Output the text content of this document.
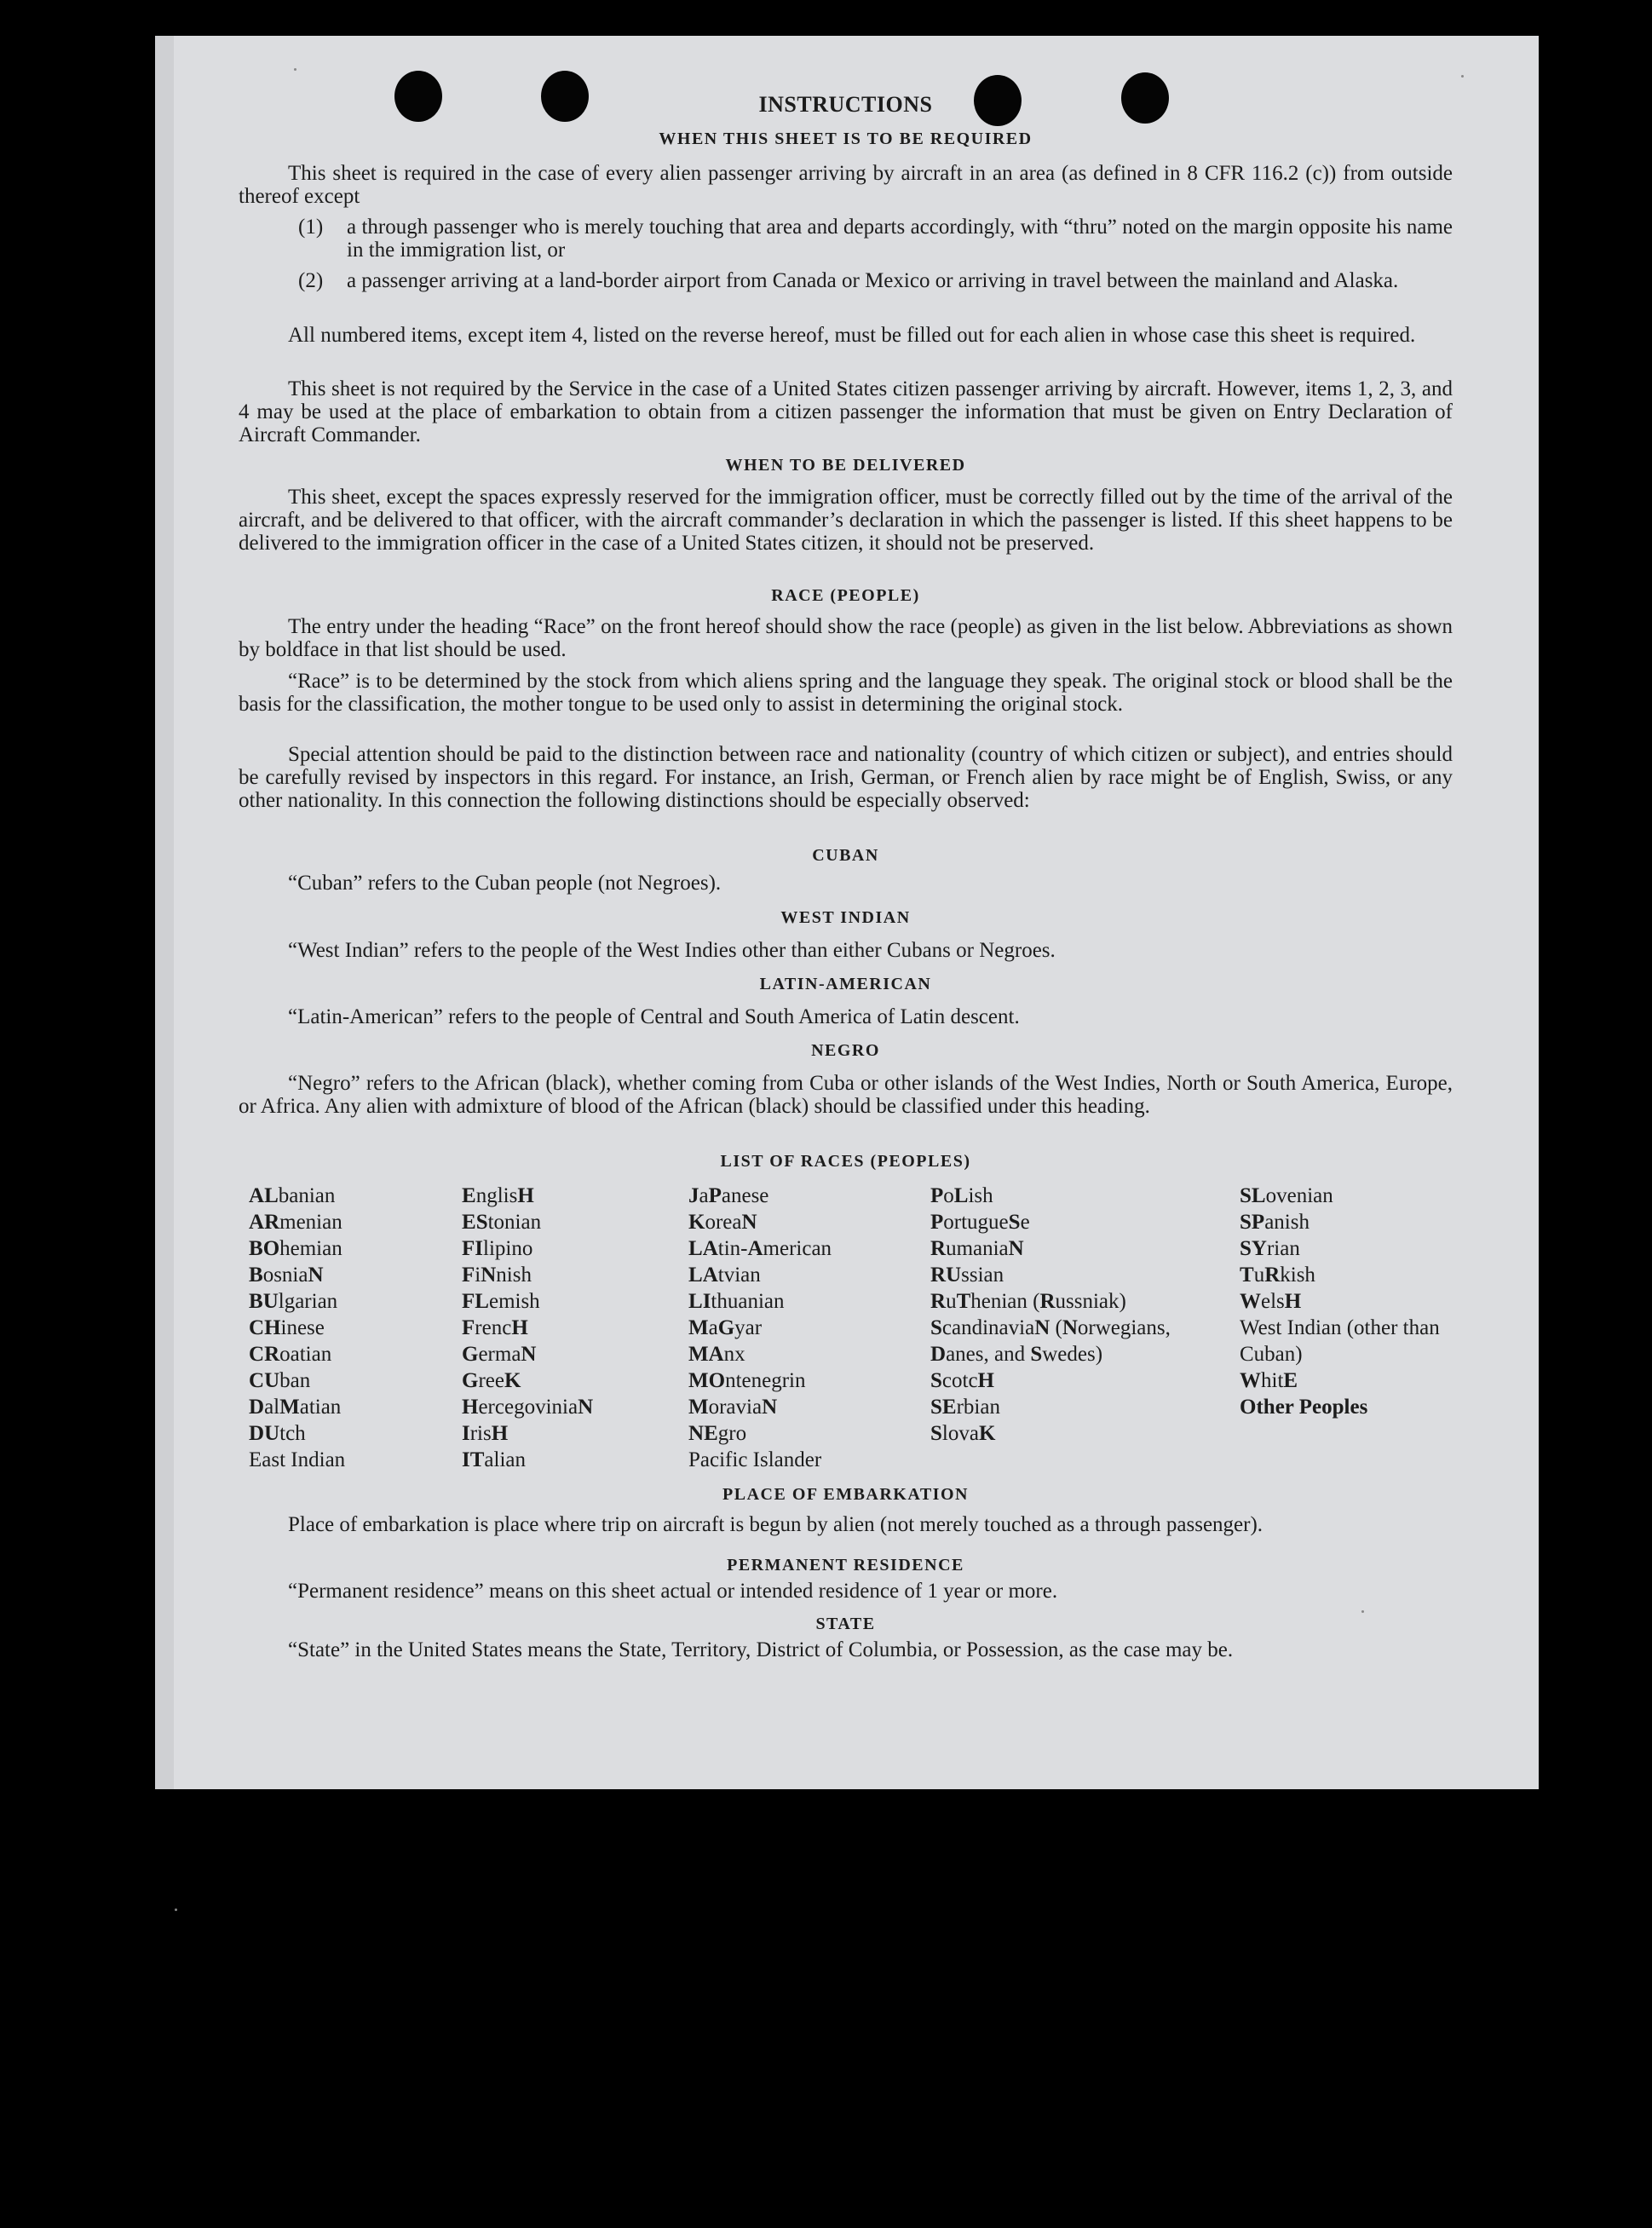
INSTRUCTIONS
WHEN THIS SHEET IS TO BE REQUIRED
This sheet is required in the case of every alien passenger arriving by aircraft in an area (as defined in 8 CFR 116.2 (c)) from outside thereof except
(1)	a through passenger who is merely touching that area and departs accordingly, with “thru” noted on the margin opposite his name in the immigration list, or
(2)	a passenger arriving at a land-border airport from Canada or Mexico or arriving in travel between the mainland and Alaska.
All numbered items, except item 4, listed on the reverse hereof, must be filled out for each alien in whose case this sheet is required.
This sheet is not required by the Service in the case of a United States citizen passenger arriving by aircraft. However, items 1, 2, 3, and 4 may be used at the place of embarkation to obtain from a citizen passenger the information that must be given on Entry Declaration of Aircraft Commander.
WHEN TO BE DELIVERED
This sheet, except the spaces expressly reserved for the immigration officer, must be correctly filled out by the time of the arrival of the aircraft, and be delivered to that officer, with the aircraft commander’s declaration in which the passenger is listed. If this sheet happens to be delivered to the immigration officer in the case of a United States citizen, it should not be preserved.
RACE (PEOPLE)
The entry under the heading “Race” on the front hereof should show the race (people) as given in the list below. Abbreviations as shown by boldface in that list should be used.
“Race” is to be determined by the stock from which aliens spring and the language they speak. The original stock or blood shall be the basis for the classification, the mother tongue to be used only to assist in determining the original stock.
Special attention should be paid to the distinction between race and nationality (country of which citizen or subject), and entries should be carefully revised by inspectors in this regard. For instance, an Irish, German, or French alien by race might be of English, Swiss, or any other nationality. In this connection the following distinctions should be especially observed:
CUBAN
“Cuban” refers to the Cuban people (not Negroes).
WEST INDIAN
“West Indian” refers to the people of the West Indies other than either Cubans or Negroes.
LATIN-AMERICAN
“Latin-American” refers to the people of Central and South America of Latin descent.
NEGRO
“Negro” refers to the African (black), whether coming from Cuba or other islands of the West Indies, North or South America, Europe, or Africa. Any alien with admixture of blood of the African (black) should be classified under this heading.
LIST OF RACES (PEOPLES)
ALbanian
ARmenian
BOhemian
BosniaN
BUlgarian
CHinese
CRoatian
CUban
DalMatian
DUtch
East Indian
EnglisH
EStonian
FIlipino
FiNnish
FLemish
FrencH
GermaN
GreeK
HercegoviniaN
IrisH
ITalian
JaPanese
KoreaN
LAtin-American
LAtvian
LIthuanian
MaGyar
MAnx
MOntenegrin
MoraviaN
NEgro
Pacific Islander
PoLish
PortugueSe
RumaniaN
RUssian
RuThenian (Russniak)
ScandinaviaN (Norwegians, Danes, and Swedes)
ScotcH
SErbian
SlovaK
SLovenian
SPanish
SYrian
TuRkish
WelsH
West Indian (other than Cuban)
WhitE
Other Peoples
PLACE OF EMBARKATION
Place of embarkation is place where trip on aircraft is begun by alien (not merely touched as a through passenger).
PERMANENT RESIDENCE
“Permanent residence” means on this sheet actual or intended residence of 1 year or more.
STATE
“State” in the United States means the State, Territory, District of Columbia, or Possession, as the case may be.
